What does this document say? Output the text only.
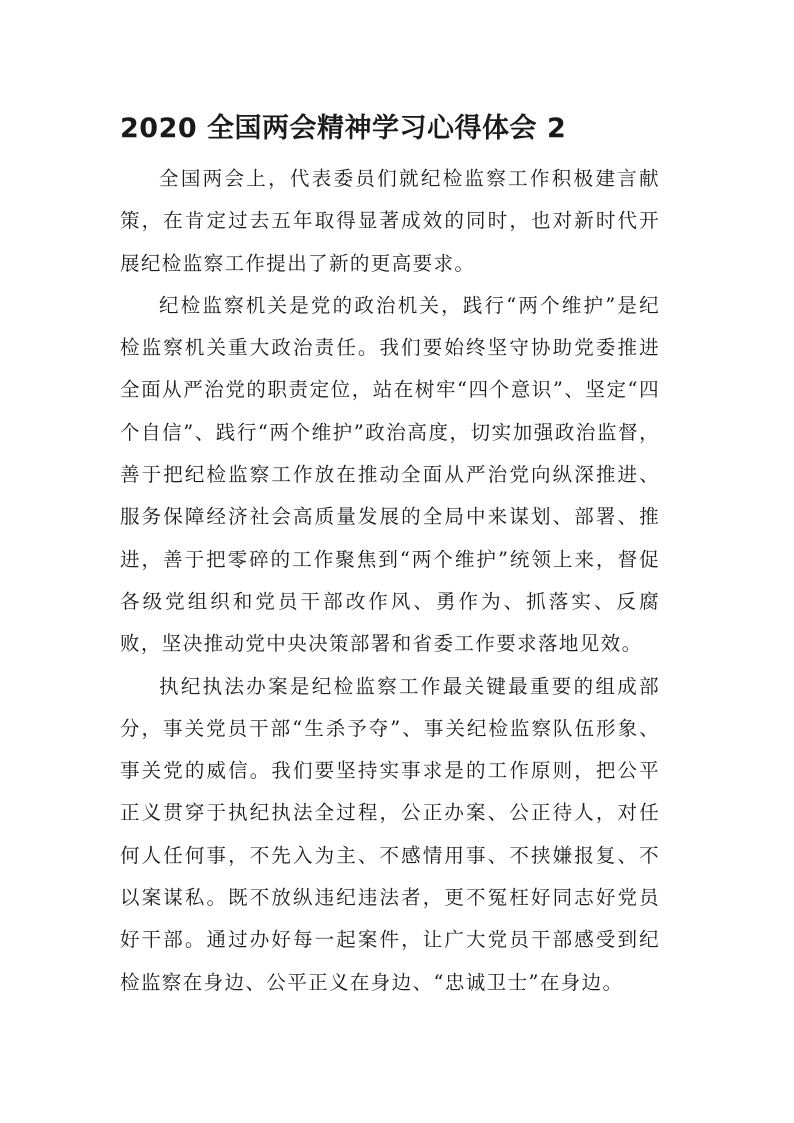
2020 全国两会精神学习心得体会 2

全国两会上，代表委员们就纪检监察工作积极建言献策，在肯定过去五年取得显著成效的同时，也对新时代开展纪检监察工作提出了新的更高要求。

纪检监察机关是党的政治机关，践行“两个维护”是纪检监察机关重大政治责任。我们要始终坚守协助党委推进全面从严治党的职责定位，站在树牢“四个意识”、坚定“四个自信”、践行“两个维护”政治高度，切实加强政治监督，善于把纪检监察工作放在推动全面从严治党向纵深推进、服务保障经济社会高质量发展的全局中来谋划、部署、推进，善于把零碎的工作聚焦到“两个维护”统领上来，督促各级党组织和党员干部改作风、勇作为、抓落实、反腐败，坚决推动党中央决策部署和省委工作要求落地见效。

执纪执法办案是纪检监察工作最关键最重要的组成部分，事关党员干部“生杀予夺”、事关纪检监察队伍形象、事关党的威信。我们要坚持实事求是的工作原则，把公平正义贯穿于执纪执法全过程，公正办案、公正待人，对任何人任何事，不先入为主、不感情用事、不挟嫌报复、不以案谋私。既不放纵违纪违法者，更不冤枉好同志好党员好干部。通过办好每一起案件，让广大党员干部感受到纪检监察在身边、公平正义在身边、“忠诚卫士”在身边。
